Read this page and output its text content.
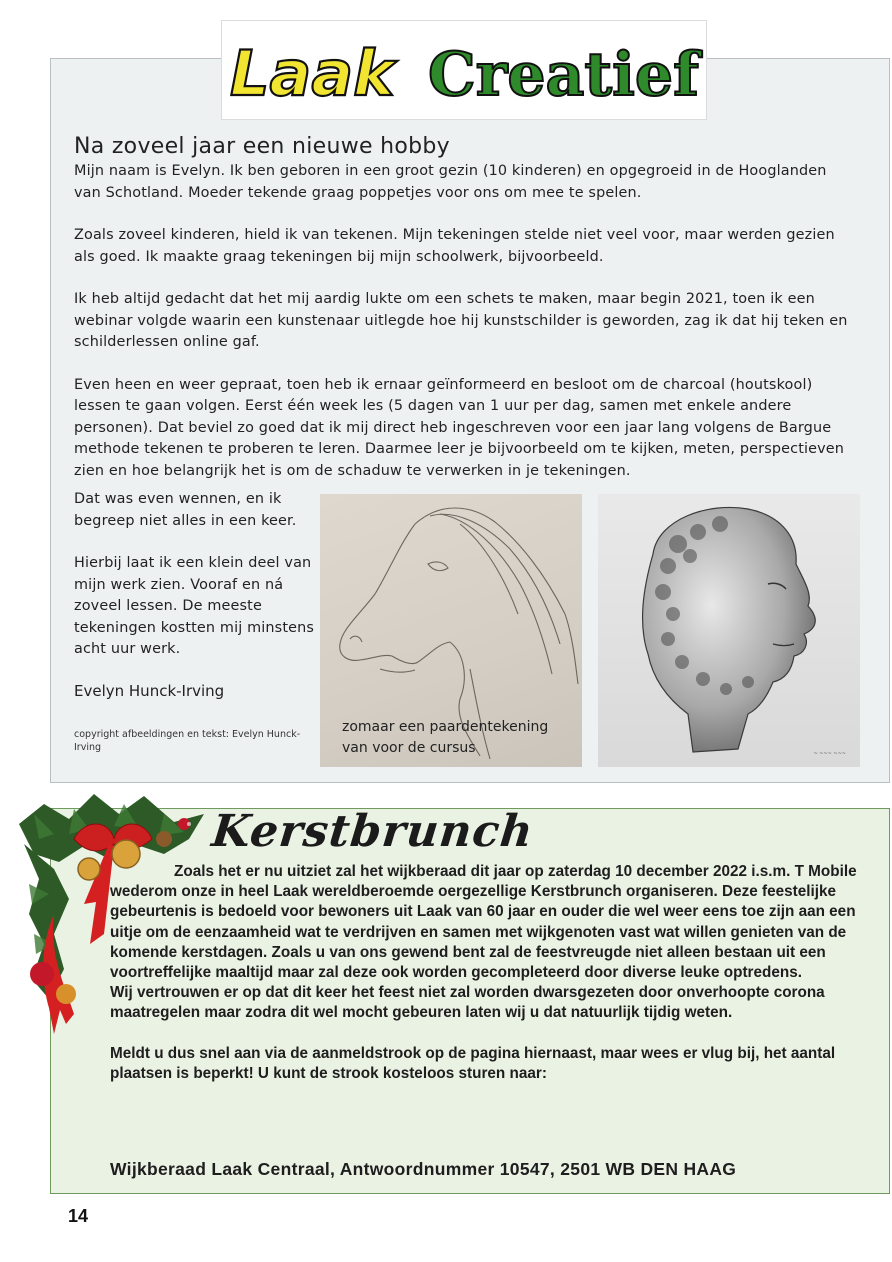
Laak Creatief
Na zoveel jaar een nieuwe hobby

Mijn naam is Evelyn. Ik ben geboren in een groot gezin (10 kinderen) en opgegroeid in de Hooglanden van Schotland. Moeder tekende graag poppetjes voor ons om mee te spelen.

Zoals zoveel kinderen, hield ik van tekenen. Mijn tekeningen stelde niet veel voor, maar werden gezien als goed. Ik maakte graag tekeningen bij mijn schoolwerk, bijvoorbeeld.

Ik heb altijd gedacht dat het mij aardig lukte om een schets te maken, maar begin 2021, toen ik een webinar volgde waarin een kunstenaar uitlegde hoe hij kunstschilder is geworden, zag ik dat hij teken en schilderlessen online gaf.

Even heen en weer gepraat, toen heb ik ernaar geïnformeerd en besloot om de charcoal (houtskool) lessen te gaan volgen. Eerst één week les (5 dagen van 1 uur per dag, samen met enkele andere personen). Dat beviel zo goed dat ik mij direct heb ingeschreven voor een jaar lang volgens de Bargue methode tekenen te proberen te leren. Daarmee leer je bijvoorbeeld om te kijken, meten, perspectieven zien en hoe belangrijk het is om de schaduw te verwerken in je tekeningen.

Dat was even wennen, en ik begreep niet alles in een keer.

Hierbij laat ik een klein deel van mijn werk zien. Vooraf en ná zoveel lessen. De meeste tekeningen kostten mij minstens acht uur werk.

Evelyn Hunck-Irving
copyright afbeeldingen en tekst: Evelyn Hunck-Irving
zomaar een paardentekening van voor de cursus	~ ~~~ ~~~
Kerstbrunch

Zoals het er nu uitziet zal het wijkberaad dit jaar op zaterdag 10 december 2022 i.s.m. T Mobile wederom onze in heel Laak wereldberoemde oergezellige Kerstbrunch organiseren. Deze feestelijke gebeurtenis is bedoeld voor bewoners uit Laak van 60 jaar en ouder die wel weer eens toe zijn aan een uitje om de eenzaamheid wat te verdrijven en samen met wijkgenoten vast wat willen genieten van de komende kerstdagen. Zoals u van ons gewend bent zal de feestvreugde niet alleen bestaan uit een voortreffelijke maaltijd maar zal deze ook worden gecompleteerd door diverse leuke optredens.

Wij vertrouwen er op dat dit keer het feest niet zal worden dwarsgezeten door onverhoopte corona maatregelen maar zodra dit wel mocht gebeuren laten wij u dat natuurlijk tijdig weten.

Meldt u dus snel aan via de aanmeldstrook op de pagina hiernaast, maar wees er vlug bij, het aantal plaatsen is beperkt! U kunt de strook kosteloos sturen naar:

Wijkberaad Laak Centraal, Antwoordnummer 10547, 2501 WB DEN HAAG
14
